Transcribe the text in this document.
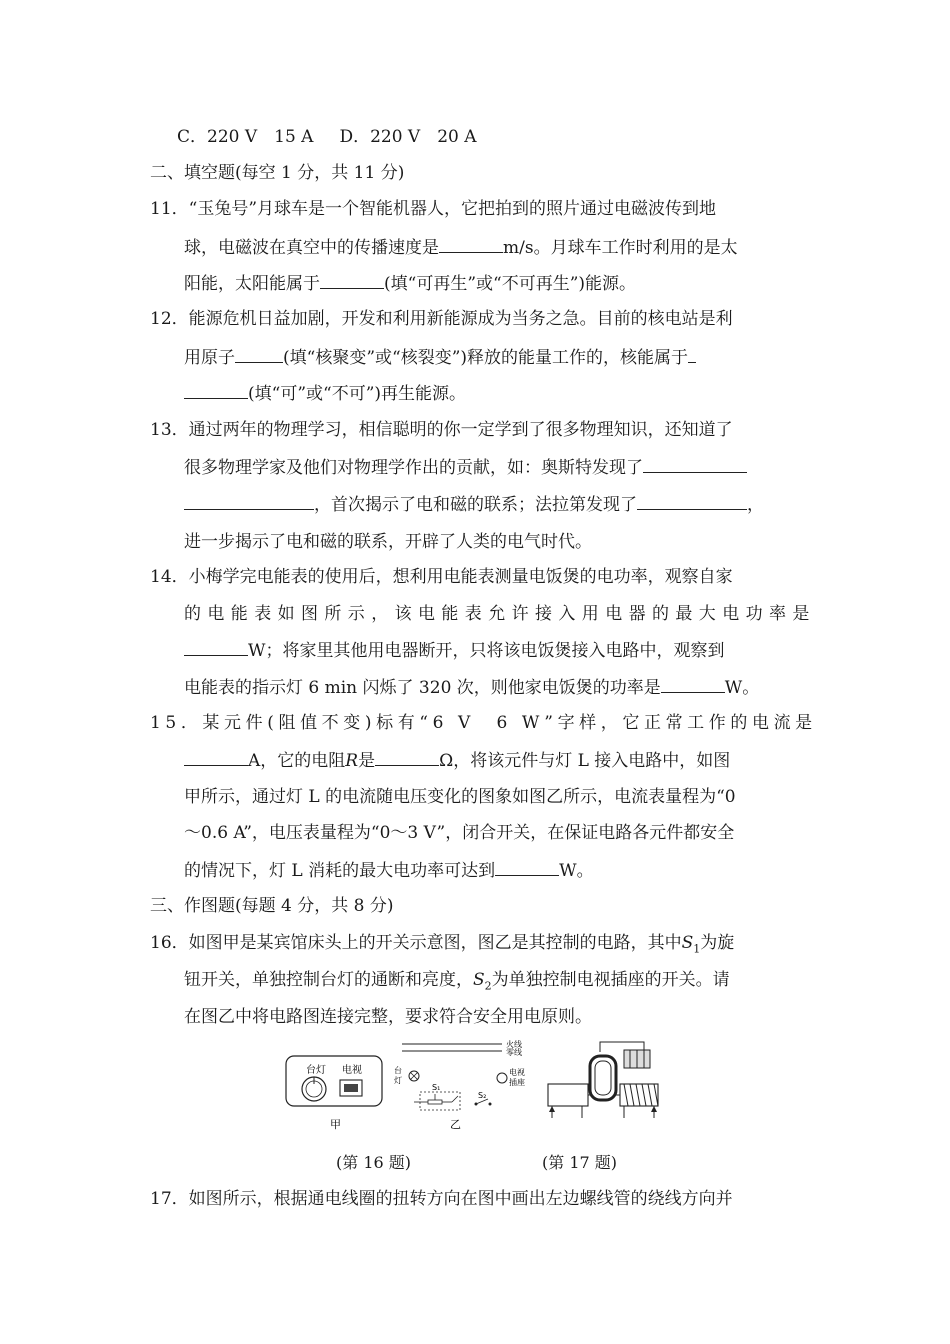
C．220 V　15 A D．220 V　20 A
二、填空题(每空 1 分，共 11 分)
11．“玉兔号”月球车是一个智能机器人，它把拍到的照片通过电磁波传到地
球，电磁波在真空中的传播速度是	m/s。月球车工作时利用的是太
阳能，太阳能属于	(填“可再生”或“不可再生”)能源。
12．能源危机日益加剧，开发和利用新能源成为当务之急。目前的核电站是利
用原子	(填“核聚变”或“核裂变”)释放的能量工作的，核能属于
(填“可”或“不可”)再生能源。
13．通过两年的物理学习，相信聪明的你一定学到了很多物理知识，还知道了
很多物理学家及他们对物理学作出的贡献，如：奥斯特发现了
，首次揭示了电和磁的联系；法拉第发现了	，
进一步揭示了电和磁的联系，开辟了人类的电气时代。
14．小梅学完电能表的使用后，想利用电能表测量电饭煲的电功率，观察自家
的电能表如图所示，该电能表允许接入用电器的最大电功率是
W；将家里其他用电器断开，只将该电饭煲接入电路中，观察到
电能表的指示灯 6 min 闪烁了 320 次，则他家电饭煲的功率是	W。
15．某元件(阻值不变)标有“6 V　6 W”字样，它正常工作的电流是
A，它的电阻R是	Ω，将该元件与灯 L 接入电路中，如图
甲所示，通过灯 L 的电流随电压变化的图象如图乙所示，电流表量程为“0
～0.6 A”，电压表量程为“0～3 V”，闭合开关，在保证电路各元件都安全
的情况下，灯 L 消耗的最大电功率可达到	W。
三、作图题(每题 4 分，共 8 分)
16．如图甲是某宾馆床头上的开关示意图，图乙是其控制的电路，其中$S_1$为旋
钮开关，单独控制台灯的通断和亮度，$S_2$为单独控制电视插座的开关。请
在图乙中将电路图连接完整，要求符合安全用电原则。
台灯 电视
甲
火线
零线
台
灯
S₁
S₂
电视
插座
乙
(第 16 题)	(第 17 题)
17．如图所示，根据通电线圈的扭转方向在图中画出左边螺线管的绕线方向并
